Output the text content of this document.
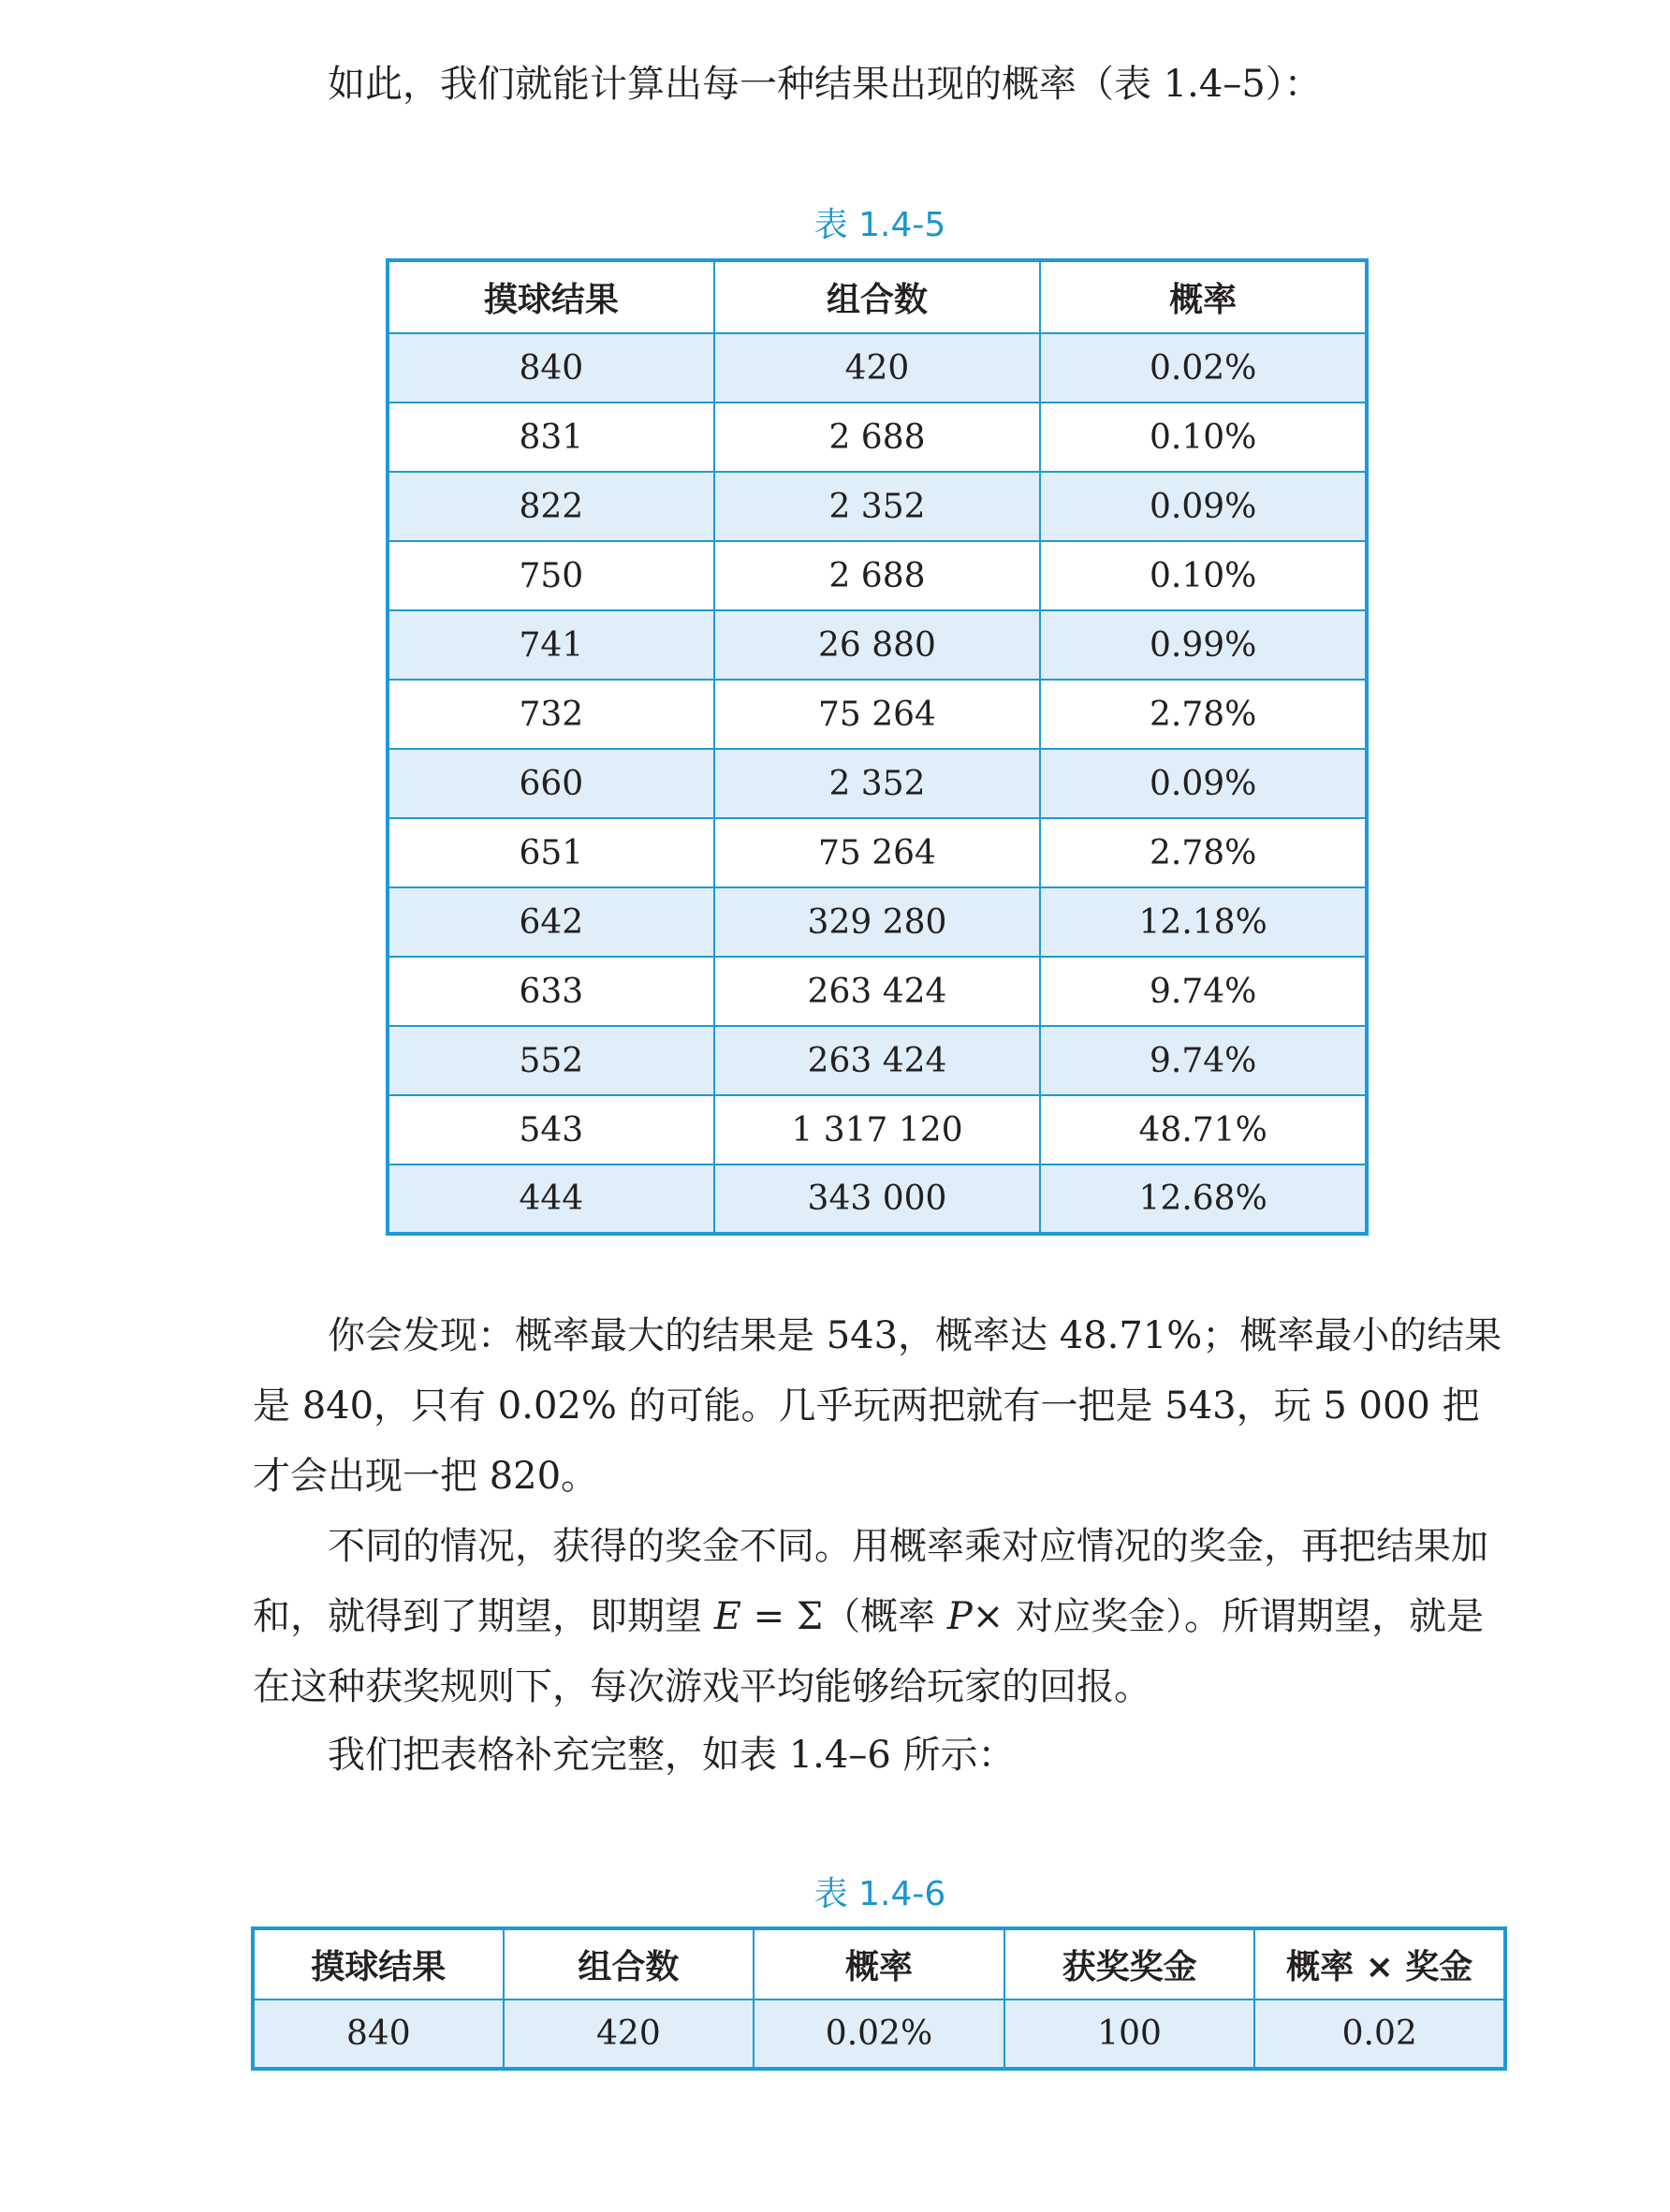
如此，我们就能计算出每一种结果出现的概率（表 1.4–5）：

表 1.4-5
摸球结果	组合数	概率
840	420	0.02%
831	2 688	0.10%
822	2 352	0.09%
750	2 688	0.10%
741	26 880	0.99%
732	75 264	2.78%
660	2 352	0.09%
651	75 264	2.78%
642	329 280	12.18%
633	263 424	9.74%
552	263 424	9.74%
543	1 317 120	48.71%
444	343 000	12.68%

你会发现：概率最大的结果是 543，概率达 48.71%；概率最小的结果是 840，只有 0.02% 的可能。几乎玩两把就有一把是 543，玩 5 000 把才会出现一把 820。

不同的情况，获得的奖金不同。用概率乘对应情况的奖金，再把结果加和，就得到了期望，即期望 E = Σ（概率 P× 对应奖金）。所谓期望，就是在这种获奖规则下，每次游戏平均能够给玩家的回报。

我们把表格补充完整，如表 1.4–6 所示：

表 1.4-6
摸球结果	组合数	概率	获奖奖金	概率 × 奖金
840	420	0.02%	100	0.02
